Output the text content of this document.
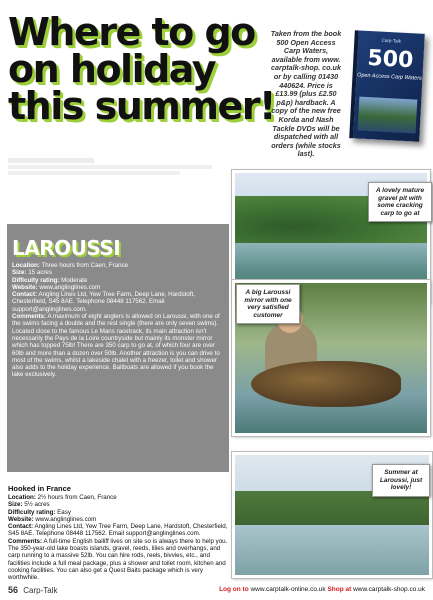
Where to go
on holiday
this summer!
Taken from the book 500 Open Access Carp Waters, available from www. carptalk-shop. co.uk or by calling 01430 440624. Price is £13.99 (plus £2.50 p&p) hardback. A copy of the new free Korda and Nash Tackle DVDs will be dispatched with all orders (while stocks last).
Carp-Talk
500
Open Access Carp Waters
A lovely mature gravel pit with some cracking carp to go at
A big Laroussi mirror with one very satisfied customer
Summer at Laroussi, just lovely!
LAROUSSI
Location: Three hours from Caen, France
Size: 15 acres
Difficulty rating: Moderate
Website: www.anglinglines.com
Contact: Angling Lines Ltd, Yew Tree Farm, Deep Lane, Hardstoft, Chesterfield, S45 8AE. Telephone 08448 117562. Email support@anglinglines.com.
Comments: A maximum of eight anglers is allowed on Laroussi, with one of the swims facing a double and the rest single (there are only seven swims). Located close to the famous Le Mans racetrack, its main attraction isn't necessarily the Pays de la Loire countryside but mainly its monster mirror which has topped 75lb! There are 350 carp to go at, of which four are over 60lb and more than a dozen over 50lb. Another attraction is you can drive to most of the swims, whilst a lakeside chalet with a freezer, toilet and shower also adds to the holiday experience. Baitboats are allowed if you book the lake exclusively.
Hooked in France
Location: 2½ hours from Caen, France
Size: 5½ acres
Difficulty rating: Easy
Website: www.anglinglines.com
Contact: Angling Lines Ltd, Yew Tree Farm, Deep Lane, Hardstoft, Chesterfield, S45 8AE. Telephone 08448 117562. Email support@anglinglines.com.
Comments: A full-time English bailiff lives on site so is always there to help you. The 350-year-old lake boasts islands, gravel, reeds, lilies and overhangs, and carp running to a massive 52lb. You can hire rods, reels, bivvies, etc., and facilities include a full meal package, plus a shower and toilet room, kitchen and cooking facilities. You can also get a Quest Baits package which is very worthwhile.
56 Carp-Talk	Log on to www.carptalk-online.co.uk Shop at www.carptalk-shop.co.uk
